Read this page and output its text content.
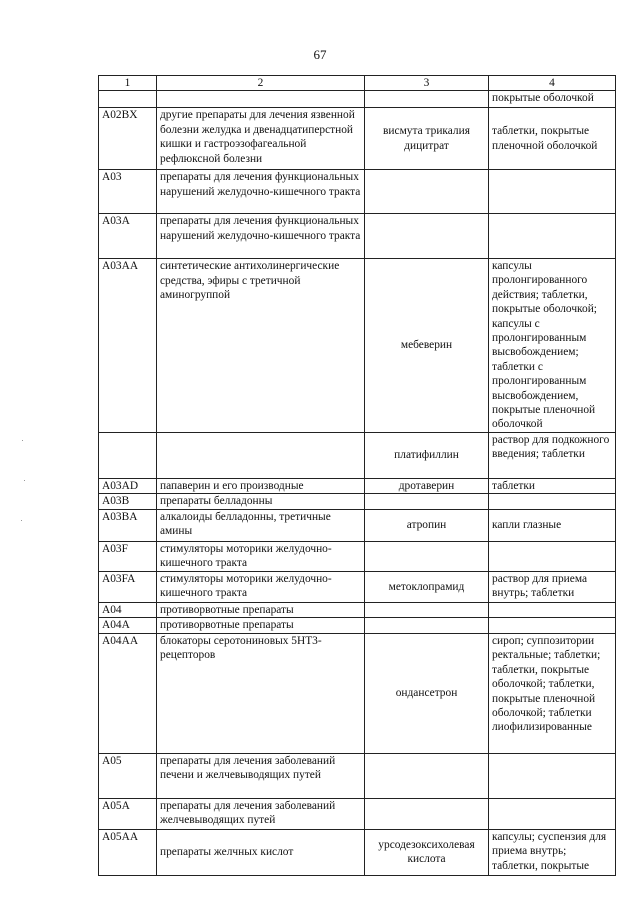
67
1	2	3	4
			покрытые оболочкой
A02BX	другие препараты для лечения язвенной болезни желудка и двенадцатиперстной кишки и гастроэзофагеальной рефлюксной болезни	висмута трикалия дицитрат	таблетки, покрытые пленочной оболочкой
A03	препараты для лечения функциональных нарушений желудочно-кишечного тракта		
A03A	препараты для лечения функциональных нарушений желудочно-кишечного тракта		
A03AA	синтетические антихолинергические средства, эфиры с третичной аминогруппой	мебеверин	капсулы пролонгированного действия; таблетки, покрытые оболочкой; капсулы с пролонгированным высвобождением; таблетки с пролонгированным высвобождением, покрытые пленочной оболочкой
		платифиллин	раствор для подкожного введения; таблетки
A03AD	папаверин и его производные	дротаверин	таблетки
A03B	препараты белладонны		
A03BA	алкалоиды белладонны, третичные амины	атропин	капли глазные
A03F	стимуляторы моторики желудочно-кишечного тракта		
A03FA	стимуляторы моторики желудочно-кишечного тракта	метоклопрамид	раствор для приема внутрь; таблетки
A04	противорвотные препараты		
A04A	противорвотные препараты		
A04AA	блокаторы серотониновых 5HT3-рецепторов	ондансетрон	сироп; суппозитории ректальные; таблетки; таблетки, покрытые оболочкой; таблетки, покрытые пленочной оболочкой; таблетки лиофилизированные
A05	препараты для лечения заболеваний печени и желчевыводящих путей		
A05A	препараты для лечения заболеваний желчевыводящих путей		
A05AA	препараты желчных кислот	урсодезоксихолевая кислота	капсулы; суспензия для приема внутрь; таблетки, покрытые
